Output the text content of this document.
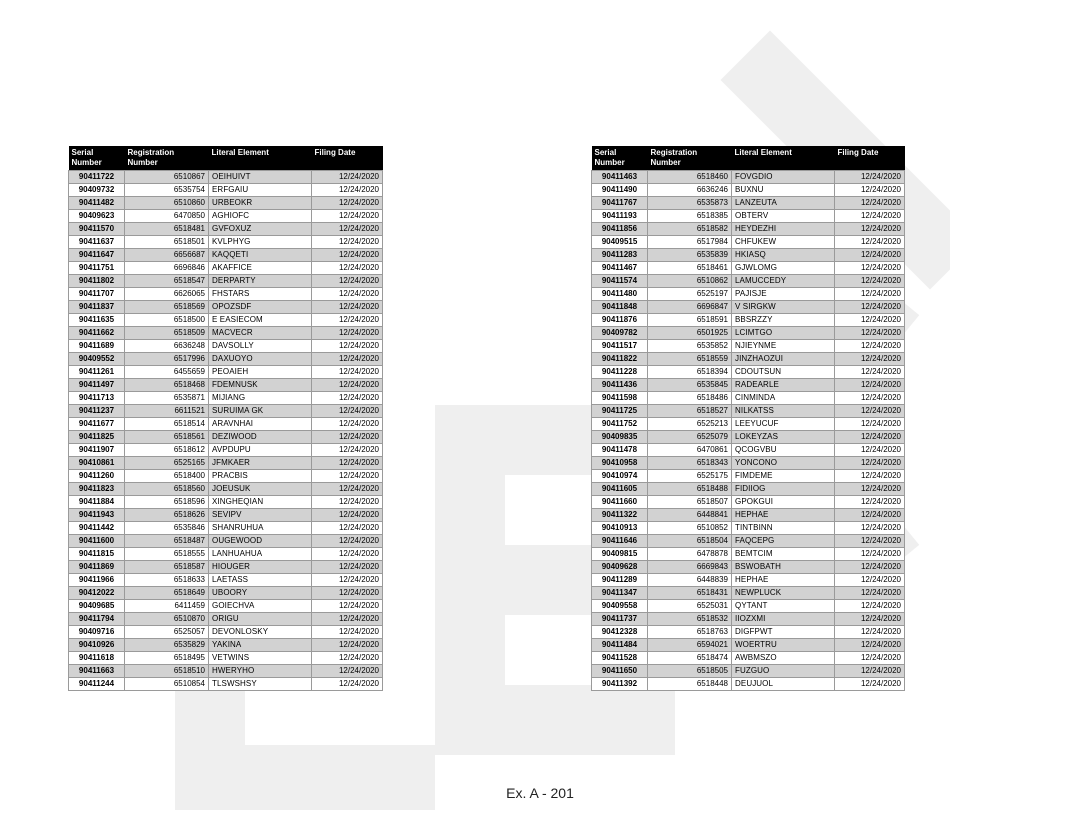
Serial
Number	Registration
Number	Literal Element	Filing Date
90411722	6510867	OEIHUIVT	12/24/2020
90409732	6535754	ERFGAIU	12/24/2020
90411482	6510860	URBEOKR	12/24/2020
90409623	6470850	AGHIOFC	12/24/2020
90411570	6518481	GVFOXUZ	12/24/2020
90411637	6518501	KVLPHYG	12/24/2020
90411647	6656687	KAQQETI	12/24/2020
90411751	6696846	AKAFFICE	12/24/2020
90411802	6518547	DERPARTY	12/24/2020
90411707	6626065	FHSTARS	12/24/2020
90411837	6518569	OPOZSDF	12/24/2020
90411635	6518500	E EASIECOM	12/24/2020
90411662	6518509	MACVECR	12/24/2020
90411689	6636248	DAVSOLLY	12/24/2020
90409552	6517996	DAXUOYO	12/24/2020
90411261	6455659	PEOAIEH	12/24/2020
90411497	6518468	FDEMNUSK	12/24/2020
90411713	6535871	MIJIANG	12/24/2020
90411237	6611521	SURUIMA GK	12/24/2020
90411677	6518514	ARAVNHAI	12/24/2020
90411825	6518561	DEZIWOOD	12/24/2020
90411907	6518612	AVPDUPU	12/24/2020
90410861	6525165	JFMKAER	12/24/2020
90411260	6518400	PRACBIS	12/24/2020
90411823	6518560	JOEUSUK	12/24/2020
90411884	6518596	XINGHEQIAN	12/24/2020
90411943	6518626	SEVIPV	12/24/2020
90411442	6535846	SHANRUHUA	12/24/2020
90411600	6518487	OUGEWOOD	12/24/2020
90411815	6518555	LANHUAHUA	12/24/2020
90411869	6518587	HIOUGER	12/24/2020
90411966	6518633	LAETASS	12/24/2020
90412022	6518649	UBOORY	12/24/2020
90409685	6411459	GOIECHVA	12/24/2020
90411794	6510870	ORIGU	12/24/2020
90409716	6525057	DEVONLOSKY	12/24/2020
90410926	6535829	YAKINA	12/24/2020
90411618	6518495	VETWINS	12/24/2020
90411663	6518510	HWERYHO	12/24/2020
90411244	6510854	TLSWSHSY	12/24/2020
Serial
Number	Registration
Number	Literal Element	Filing Date
90411463	6518460	FOVGDIO	12/24/2020
90411490	6636246	BUXNU	12/24/2020
90411767	6535873	LANZEUTA	12/24/2020
90411193	6518385	OBTERV	12/24/2020
90411856	6518582	HEYDEZHI	12/24/2020
90409515	6517984	CHFUKEW	12/24/2020
90411283	6535839	HKIASQ	12/24/2020
90411467	6518461	GJWLOMG	12/24/2020
90411574	6510862	LAMUCCEDY	12/24/2020
90411480	6525197	PAJISJE	12/24/2020
90411848	6696847	V SIRGKW	12/24/2020
90411876	6518591	BBSRZZY	12/24/2020
90409782	6501925	LCIMTGO	12/24/2020
90411517	6535852	NJIEYNME	12/24/2020
90411822	6518559	JINZHAOZUI	12/24/2020
90411228	6518394	CDOUTSUN	12/24/2020
90411436	6535845	RADEARLE	12/24/2020
90411598	6518486	CINMINDA	12/24/2020
90411725	6518527	NILKATSS	12/24/2020
90411752	6525213	LEEYUCUF	12/24/2020
90409835	6525079	LOKEYZAS	12/24/2020
90411478	6470861	QCOGVBU	12/24/2020
90410958	6518343	YONCONO	12/24/2020
90410974	6525175	FIMDEME	12/24/2020
90411605	6518488	FIDIIOG	12/24/2020
90411660	6518507	GPOKGUI	12/24/2020
90411322	6448841	HEPHAE	12/24/2020
90410913	6510852	TINTBINN	12/24/2020
90411646	6518504	FAQCEPG	12/24/2020
90409815	6478878	BEMTCIM	12/24/2020
90409628	6669843	BSWOBATH	12/24/2020
90411289	6448839	HEPHAE	12/24/2020
90411347	6518431	NEWPLUCK	12/24/2020
90409558	6525031	QYTANT	12/24/2020
90411737	6518532	IIOZXMI	12/24/2020
90412328	6518763	DIGFPWT	12/24/2020
90411484	6594021	WOERTRU	12/24/2020
90411528	6518474	AWBMSZO	12/24/2020
90411650	6518505	FUZGUO	12/24/2020
90411392	6518448	DEUJUOL	12/24/2020
Ex. A - 201
